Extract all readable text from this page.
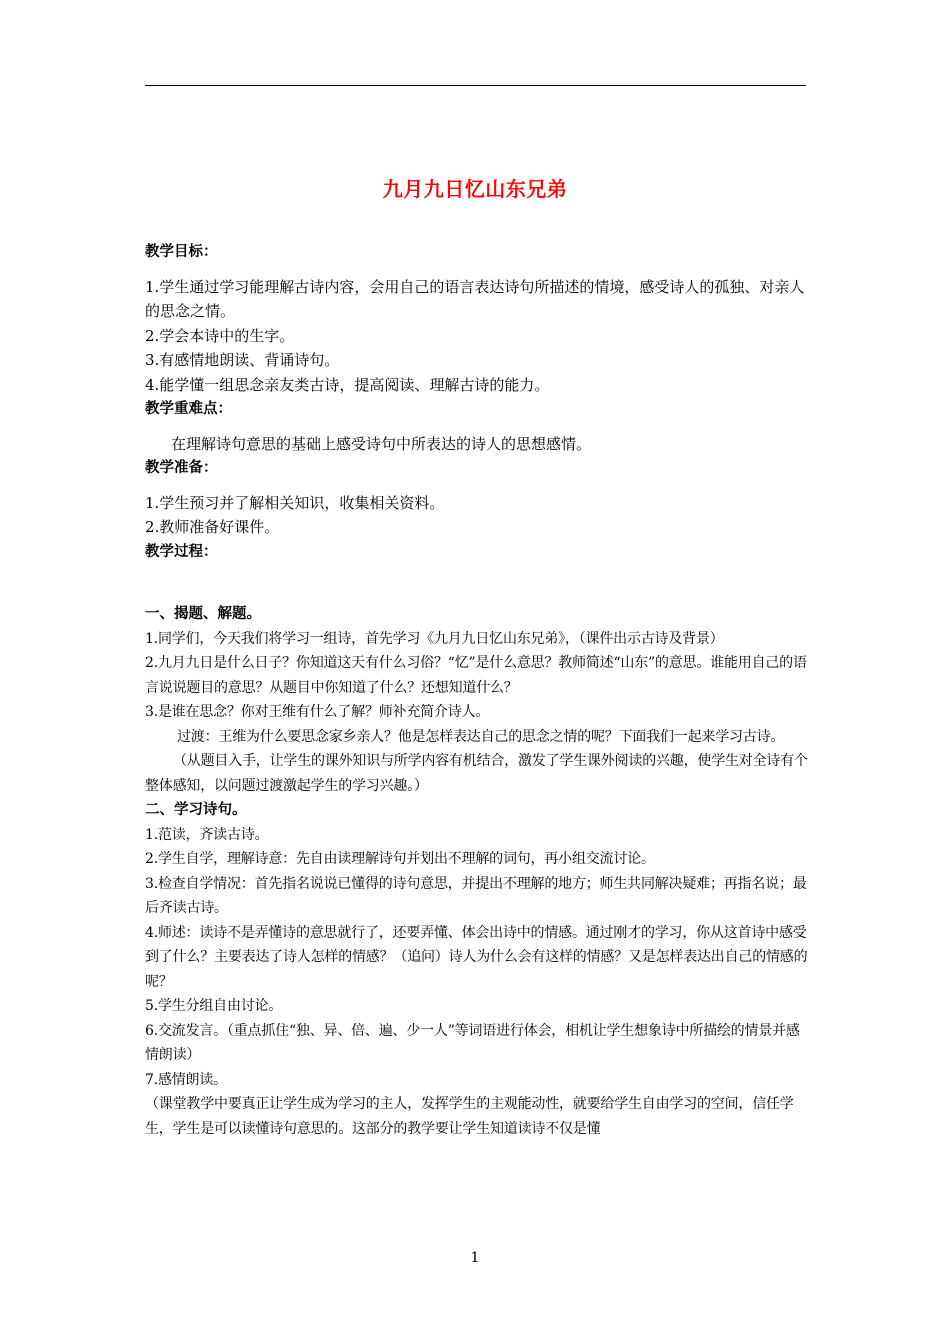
九月九日忆山东兄弟

教学目标：

1.学生通过学习能理解古诗内容，会用自己的语言表达诗句所描述的情境，感受诗人的孤独、对亲人的思念之情。

2.学会本诗中的生字。

3.有感情地朗读、背诵诗句。

4.能学懂一组思念亲友类古诗，提高阅读、理解古诗的能力。

教学重难点：

在理解诗句意思的基础上感受诗句中所表达的诗人的思想感情。

教学准备：

1.学生预习并了解相关知识，收集相关资料。

2.教师准备好课件。

教学过程：

一、揭题、解题。

1.同学们，今天我们将学习一组诗，首先学习《九月九日忆山东兄弟》，（课件出示古诗及背景）

2.九月九日是什么日子？你知道这天有什么习俗？“忆”是什么意思？教师简述“山东”的意思。谁能用自己的语言说说题目的意思？从题目中你知道了什么？还想知道什么？

3.是谁在思念？你对王维有什么了解？师补充简介诗人。

过渡：王维为什么要思念家乡亲人？他是怎样表达自己的思念之情的呢？下面我们一起来学习古诗。

（从题目入手，让学生的课外知识与所学内容有机结合，激发了学生课外阅读的兴趣，使学生对全诗有个整体感知，以问题过渡激起学生的学习兴趣。）

二、学习诗句。

1.范读，齐读古诗。

2.学生自学，理解诗意：先自由读理解诗句并划出不理解的词句，再小组交流讨论。

3.检查自学情况：首先指名说说已懂得的诗句意思，并提出不理解的地方；师生共同解决疑难；再指名说；最后齐读古诗。

4.师述：读诗不是弄懂诗的意思就行了，还要弄懂、体会出诗中的情感。通过刚才的学习，你从这首诗中感受到了什么？主要表达了诗人怎样的情感？（追问）诗人为什么会有这样的情感？又是怎样表达出自己的情感的呢？

5.学生分组自由讨论。

6.交流发言。（重点抓住“独、异、倍、遍、少一人”等词语进行体会，相机让学生想象诗中所描绘的情景并感情朗读）

7.感情朗读。

（课堂教学中要真正让学生成为学习的主人，发挥学生的主观能动性，就要给学生自由学习的空间，信任学生，学生是可以读懂诗句意思的。这部分的教学要让学生知道读诗不仅是懂

1
